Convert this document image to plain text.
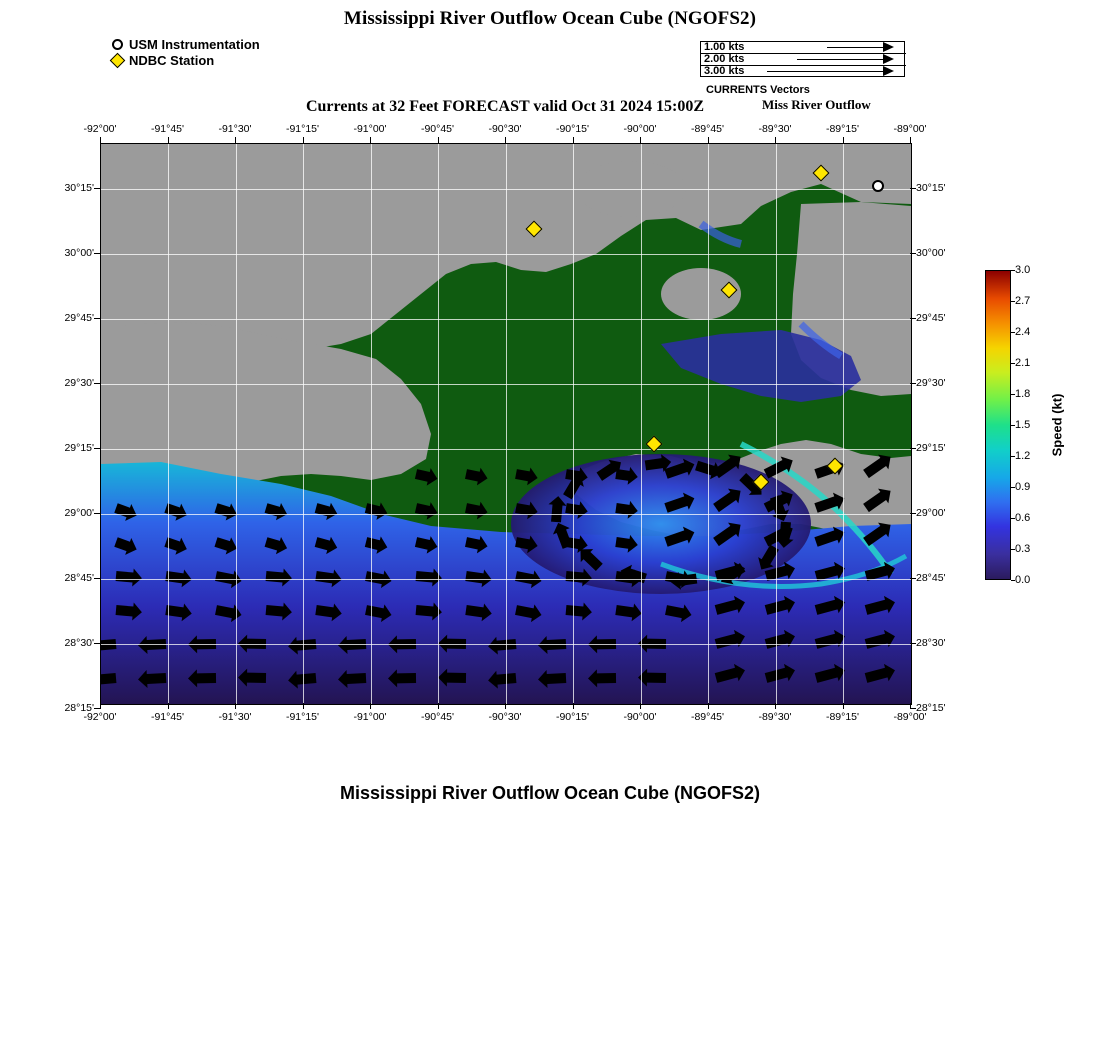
Mississippi River Outflow Ocean Cube (NGOFS2)
Currents at 32 Feet FORECAST valid Oct 31 2024 15:00Z	Miss River Outflow
Mississippi River Outflow Ocean Cube (NGOFS2)
USM Instrumentation
NDBC Station
1.00 kts
2.00 kts
3.00 kts
CURRENTS Vectors
-92°00'	-91°45'	-91°30'	-91°15'	-91°00'	-90°45'	-90°30'	-90°15'	-90°00'	-89°45'	-89°30'	-89°15'	-89°00'
-92°00'	-91°45'	-91°30'	-91°15'	-91°00'	-90°45'	-90°30'	-90°15'	-90°00'	-89°45'	-89°30'	-89°15'	-89°00'
30°15'
30°00'
29°45'
29°30'
29°15'
29°00'
28°45'
28°30'
28°15'
30°15'
30°00'
29°45'
29°30'
29°15'
29°00'
28°45'
28°30'
28°15'
3.0
2.7
2.4
2.1
1.8
1.5
1.2
0.9
0.6
0.3
0.0
Speed (kt)
